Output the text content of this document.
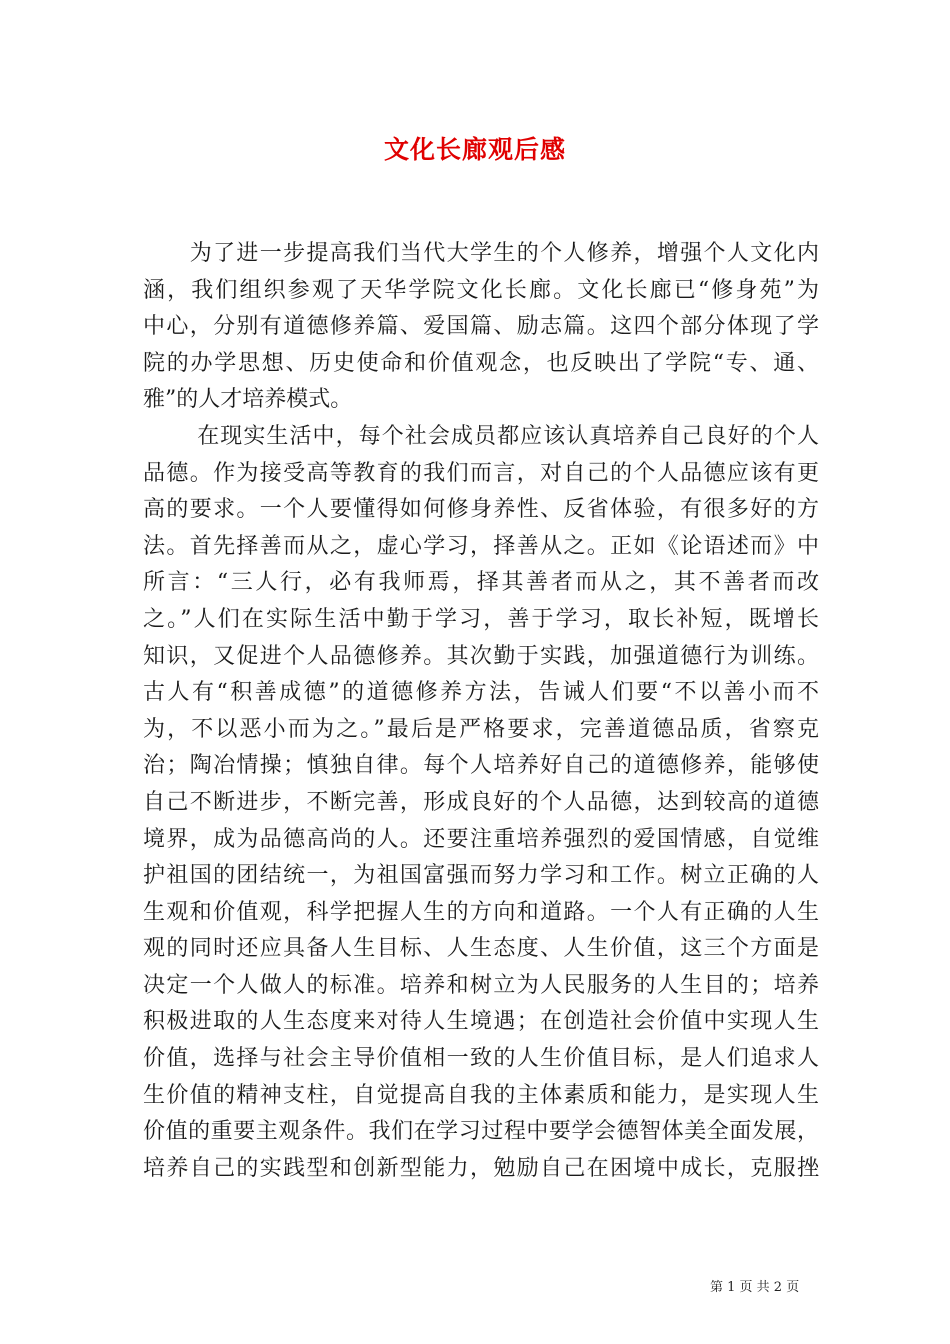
文化长廊观后感
　　为了进一步提高我们当代大学生的个人修养，增强个人文化内
涵，我们组织参观了天华学院文化长廊。文化长廊已“修身苑”为
中心，分别有道德修养篇、爱国篇、励志篇。这四个部分体现了学
院的办学思想、历史使命和价值观念，也反映出了学院“专、通、
雅”的人才培养模式。
　　 在现实生活中，每个社会成员都应该认真培养自己良好的个人
品德。作为接受高等教育的我们而言，对自己的个人品德应该有更
高的要求。一个人要懂得如何修身养性、反省体验，有很多好的方
法。首先择善而从之，虚心学习，择善从之。正如《论语述而》中
所言：“三人行，必有我师焉，择其善者而从之，其不善者而改
之。”人们在实际生活中勤于学习，善于学习，取长补短，既增长
知识，又促进个人品德修养。其次勤于实践，加强道德行为训练。
古人有“积善成德”的道德修养方法，告诫人们要“不以善小而不
为，不以恶小而为之。”最后是严格要求，完善道德品质，省察克
治；陶冶情操；慎独自律。每个人培养好自己的道德修养，能够使
自己不断进步，不断完善，形成良好的个人品德，达到较高的道德
境界，成为品德高尚的人。还要注重培养强烈的爱国情感，自觉维
护祖国的团结统一，为祖国富强而努力学习和工作。树立正确的人
生观和价值观，科学把握人生的方向和道路。一个人有正确的人生
观的同时还应具备人生目标、人生态度、人生价值，这三个方面是
决定一个人做人的标准。培养和树立为人民服务的人生目的；培养
积极进取的人生态度来对待人生境遇；在创造社会价值中实现人生
价值，选择与社会主导价值相一致的人生价值目标，是人们追求人
生价值的精神支柱，自觉提高自我的主体素质和能力，是实现人生
价值的重要主观条件。我们在学习过程中要学会德智体美全面发展，
培养自己的实践型和创新型能力，勉励自己在困境中成长，克服挫
第 1 页 共 2 页
